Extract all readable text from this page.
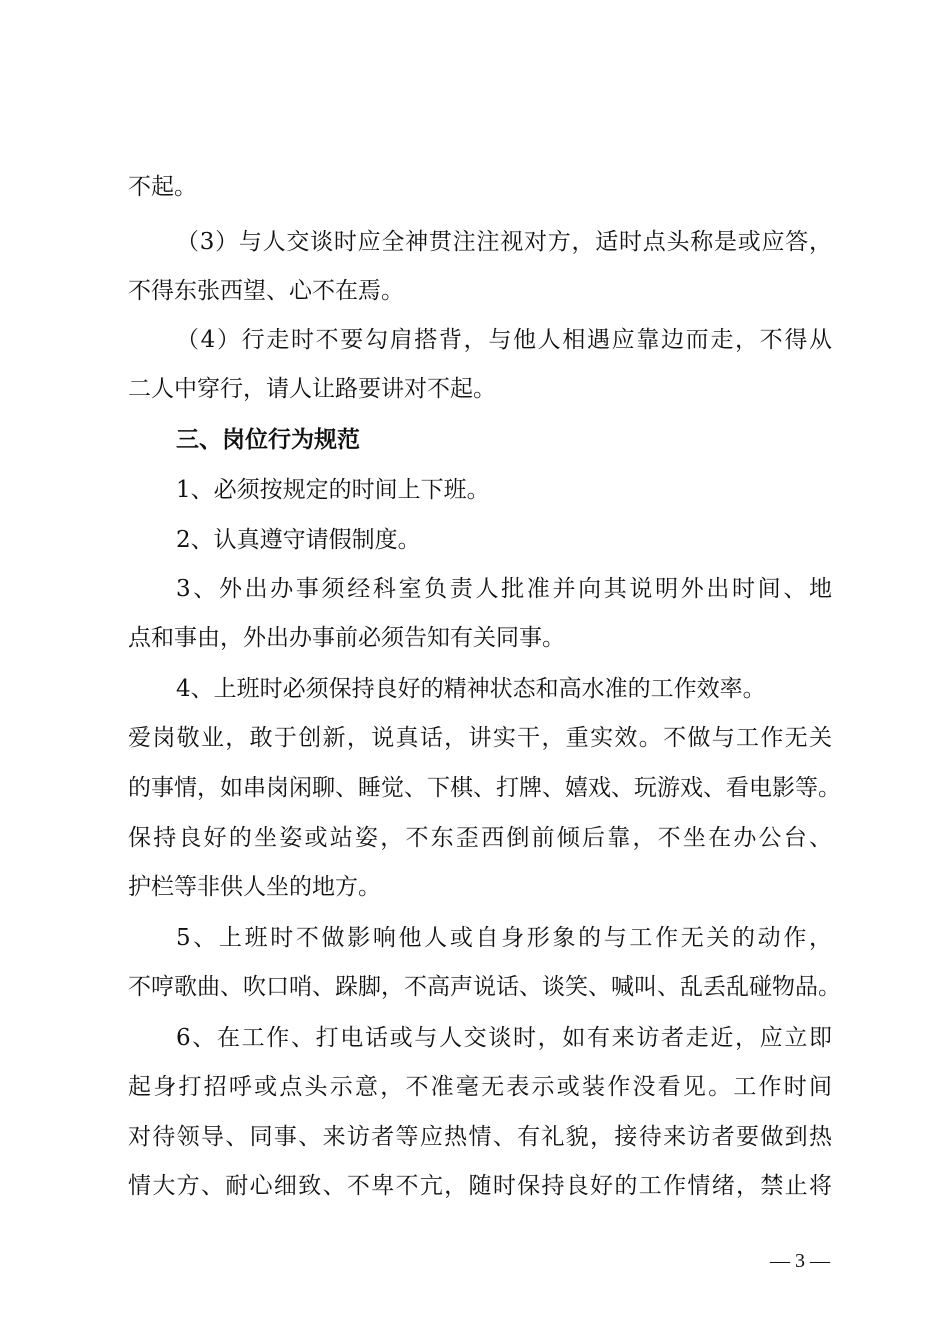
不起。
（3）与人交谈时应全神贯注注视对方，适时点头称是或应答，
不得东张西望、心不在焉。
（4）行走时不要勾肩搭背，与他人相遇应靠边而走，不得从
二人中穿行，请人让路要讲对不起。
三、岗位行为规范
1、必须按规定的时间上下班。
2、认真遵守请假制度。
3、外出办事须经科室负责人批准并向其说明外出时间、地
点和事由，外出办事前必须告知有关同事。
4、上班时必须保持良好的精神状态和高水准的工作效率。
爱岗敬业，敢于创新，说真话，讲实干，重实效。不做与工作无关
的事情，如串岗闲聊、睡觉、下棋、打牌、嬉戏、玩游戏、看电影等。
保持良好的坐姿或站姿，不东歪西倒前倾后靠，不坐在办公台、
护栏等非供人坐的地方。
5、上班时不做影响他人或自身形象的与工作无关的动作，
不哼歌曲、吹口哨、跺脚，不高声说话、谈笑、喊叫、乱丢乱碰物品。
6、在工作、打电话或与人交谈时，如有来访者走近，应立即
起身打招呼或点头示意，不准毫无表示或装作没看见。工作时间
对待领导、同事、来访者等应热情、有礼貌，接待来访者要做到热
情大方、耐心细致、不卑不亢，随时保持良好的工作情绪，禁止将
— 3 —
